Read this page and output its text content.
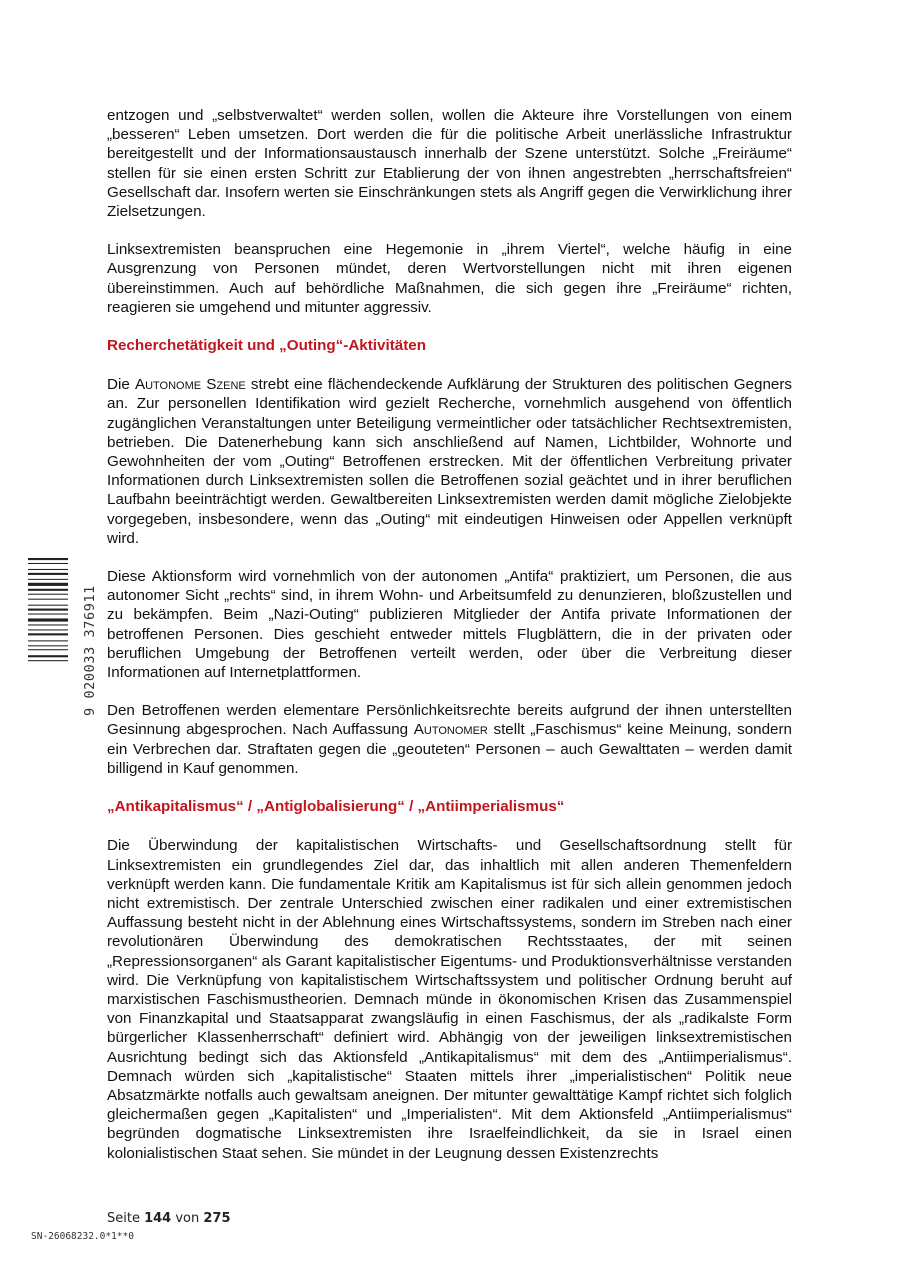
entzogen und „selbstverwaltet“ werden sollen, wollen die Akteure ihre Vorstellungen von einem „besseren“ Leben umsetzen. Dort werden die für die politische Arbeit unerlässliche Infrastruktur bereitgestellt und der Informationsaustausch innerhalb der Szene unterstützt. Solche „Freiräume“ stellen für sie einen ersten Schritt zur Etablierung der von ihnen angestrebten „herrschaftsfreien“ Gesellschaft dar. Insofern werten sie Einschränkungen stets als Angriff gegen die Verwirklichung ihrer Zielsetzungen.

Linksextremisten beanspruchen eine Hegemonie in „ihrem Viertel“, welche häufig in eine Ausgrenzung von Personen mündet, deren Wertvorstellungen nicht mit ihren eigenen übereinstimmen. Auch auf behördliche Maßnahmen, die sich gegen ihre „Freiräume“ richten, reagieren sie umgehend und mitunter aggressiv.

Recherchetätigkeit und „Outing“-Aktivitäten

Die Autonome Szene strebt eine flächendeckende Aufklärung der Strukturen des politischen Gegners an. Zur personellen Identifikation wird gezielt Recherche, vornehmlich ausgehend von öffentlich zugänglichen Veranstaltungen unter Beteiligung vermeintlicher oder tatsächlicher Rechtsextremisten, betrieben. Die Datenerhebung kann sich anschließend auf Namen, Lichtbilder, Wohnorte und Gewohnheiten der vom „Outing“ Betroffenen erstrecken. Mit der öffentlichen Verbreitung privater Informationen durch Linksextremisten sollen die Betroffenen sozial geächtet und in ihrer beruflichen Laufbahn beeinträchtigt werden. Gewaltbereiten Linksextremisten werden damit mögliche Zielobjekte vorgegeben, insbesondere, wenn das „Outing“ mit eindeutigen Hinweisen oder Appellen verknüpft wird.

Diese Aktionsform wird vornehmlich von der autonomen „Antifa“ praktiziert, um Personen, die aus autonomer Sicht „rechts“ sind, in ihrem Wohn- und Arbeitsumfeld zu denunzieren, bloßzustellen und zu bekämpfen. Beim „Nazi-Outing“ publizieren Mitglieder der Antifa private Informationen der betroffenen Personen. Dies geschieht entweder mittels Flugblättern, die in der privaten oder beruflichen Umgebung der Betroffenen verteilt werden, oder über die Verbreitung dieser Informationen auf Internetplattformen.

Den Betroffenen werden elementare Persönlichkeitsrechte bereits aufgrund der ihnen unterstellten Gesinnung abgesprochen. Nach Auffassung Autonomer stellt „Faschismus“ keine Meinung, sondern ein Verbrechen dar. Straftaten gegen die „geouteten“ Personen – auch Gewalttaten – werden damit billigend in Kauf genommen.

„Antikapitalismus“ / „Antiglobalisierung“ / „Antiimperialismus“

Die Überwindung der kapitalistischen Wirtschafts- und Gesellschaftsordnung stellt für Linksextremisten ein grundlegendes Ziel dar, das inhaltlich mit allen anderen Themenfeldern verknüpft werden kann. Die fundamentale Kritik am Kapitalismus ist für sich allein genommen jedoch nicht extremistisch. Der zentrale Unterschied zwischen einer radikalen und einer extremistischen Auffassung besteht nicht in der Ablehnung eines Wirtschaftssystems, sondern im Streben nach einer revolutionären Überwindung des demokratischen Rechtsstaates, der mit seinen „Repressionsorganen“ als Garant kapitalistischer Eigentums- und Produktionsverhältnisse verstanden wird. Die Verknüpfung von kapitalistischem Wirtschaftssystem und politischer Ordnung beruht auf marxistischen Faschismustheorien. Demnach münde in ökonomischen Krisen das Zusammenspiel von Finanzkapital und Staatsapparat zwangsläufig in einen Faschismus, der als „radikalste Form bürgerlicher Klassenherrschaft“ definiert wird. Abhängig von der jeweiligen linksextremistischen Ausrichtung bedingt sich das Aktionsfeld „Antikapitalismus“ mit dem des „Antiimperialismus“. Demnach würden sich „kapitalistische“ Staaten mittels ihrer „imperialistischen“ Politik neue Absatzmärkte notfalls auch gewaltsam aneignen. Der mitunter gewalttätige Kampf richtet sich folglich gleichermaßen gegen „Kapitalisten“ und „Imperialisten“. Mit dem Aktionsfeld „Antiimperialismus“ begründen dogmatische Linksextremisten ihre Israelfeindlichkeit, da sie in Israel einen kolonialistischen Staat sehen. Sie mündet in der Leugnung dessen Existenzrechts

9 020033 376911
Seite 144 von 275
SN-26068232.0*1**0
